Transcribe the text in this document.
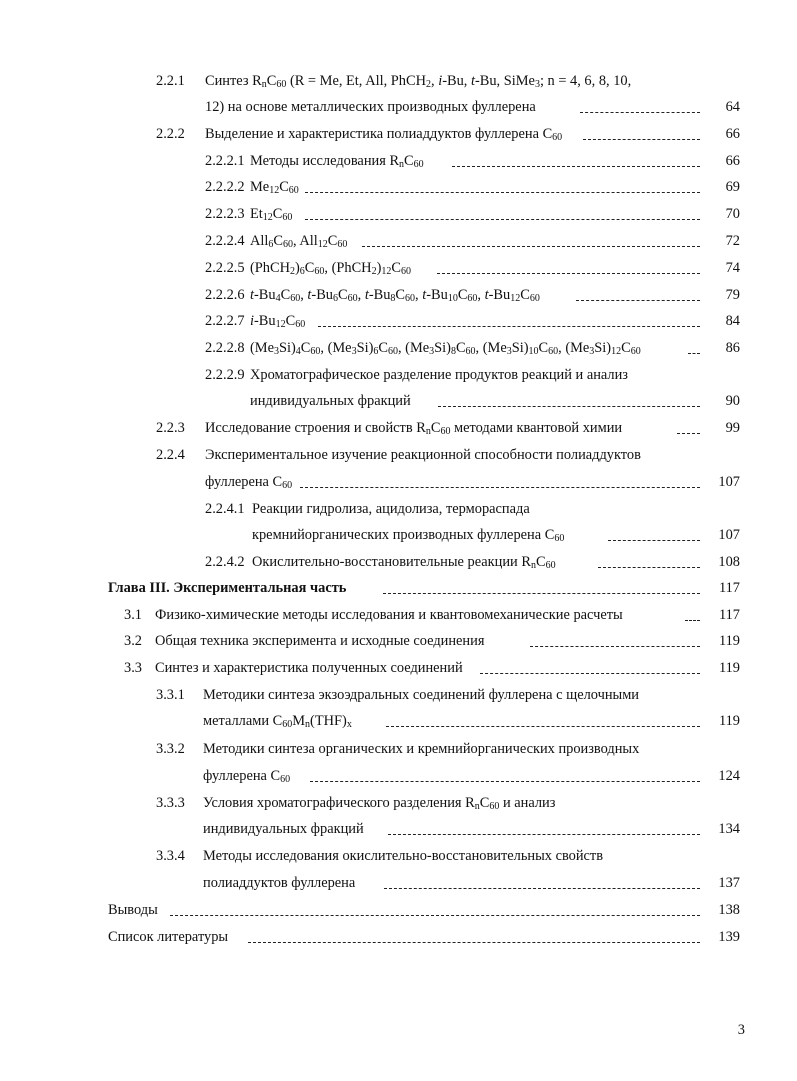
2.2.1 Синтез $R_nC_{60}$ (R = Me, Et, All, PhCH$_2$, i-Bu, t-Bu, SiMe$_3$; n = 4, 6, 8, 10,
12) на основе металлических производных фуллерена	64
2.2.2 Выделение и характеристика полиаддуктов фуллерена $C_{60}$	66
2.2.2.1 Методы исследования $R_nC_{60}$	66
2.2.2.2 $Me_{12}C_{60}$	69
2.2.2.3 $Et_{12}C_{60}$	70
2.2.2.4 $All_6C_{60}$, $All_{12}C_{60}$	72
2.2.2.5 $(PhCH_2)_6C_{60}$, $(PhCH_2)_{12}C_{60}$	74
2.2.2.6 $t-Bu_4C_{60}$, $t-Bu_6C_{60}$, $t-Bu_8C_{60}$, $t-Bu_{10}C_{60}$, $t-Bu_{12}C_{60}$	79
2.2.2.7 $i-Bu_{12}C_{60}$	84
2.2.2.8 $(Me_3Si)_4C_{60}$, $(Me_3Si)_6C_{60}$, $(Me_3Si)_8C_{60}$, $(Me_3Si)_{10}C_{60}$, $(Me_3Si)_{12}C_{60}$	86
2.2.2.9 Хроматографическое разделение продуктов реакций и анализ
индивидуальных фракций	90
2.2.3 Исследование строения и свойств $R_nC_{60}$ методами квантовой химии	99
2.2.4 Экспериментальное изучение реакционной способности полиаддуктов
фуллерена $C_{60}$	107
2.2.4.1 Реакции гидролиза, ацидолиза, термораспада
кремнийорганических производных фуллерена $C_{60}$	107
2.2.4.2 Окислительно-восстановительные реакции $R_nC_{60}$	108
Глава III. Экспериментальная часть	117
3.1 Физико-химические методы исследования и квантовомеханические расчеты	117
3.2 Общая техника эксперимента и исходные соединения	119
3.3 Синтез и характеристика полученных соединений	119
3.3.1 Методики синтеза экзоэдральных соединений фуллерена с щелочными
металлами $C_{60}M_n(THF)_x$	119
3.3.2 Методики синтеза органических и кремнийорганических производных
фуллерена $C_{60}$	124
3.3.3 Условия хроматографического разделения $R_nC_{60}$ и анализ
индивидуальных фракций	134
3.3.4 Методы исследования окислительно-восстановительных свойств
полиаддуктов фуллерена	137
Выводы	138
Список литературы	139
3
